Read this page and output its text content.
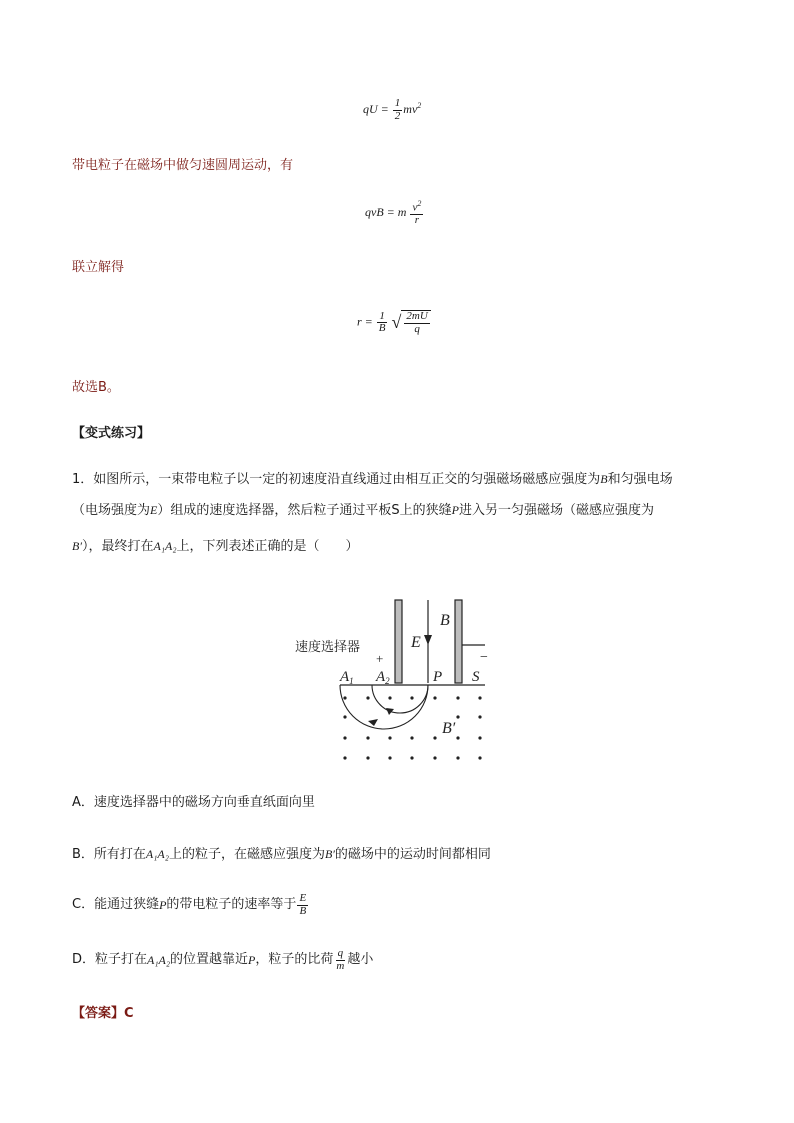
qU = $\frac{1}{2} mv^2$
带电粒子在磁场中做匀速圆周运动，有
qvB = m $\frac{v^2}{r}$
联立解得
$r = \frac{1}{B}$
√ $\frac{2mU}{q}$
故选B。
【变式练习】
1．如图所示，一束带电粒子以一定的初速度沿直线通过由相互正交的匀强磁场磁感应强度为B和匀强电场
（电场强度为E）组成的速度选择器，然后粒子通过平板S上的狭缝P进入另一匀强磁场（磁感应强度为
B′），最终打在A₁A₂上，下列表述正确的是（　　）
速度选择器
+	−
E
B
$A_1$ $A_2$	P S
B′
A．速度选择器中的磁场方向垂直纸面向里
B．所有打在A₁A₂上的粒子，在磁感应强度为B′的磁场中的运动时间都相同
C．能通过狭缝 P 的带电粒子的速率等于 $\frac{E}{B}$
D．粒子打在 A₁A₂ 的位置越靠近 P ，粒子的比荷 $\frac{q}{m}$ 越小
【答案】C
